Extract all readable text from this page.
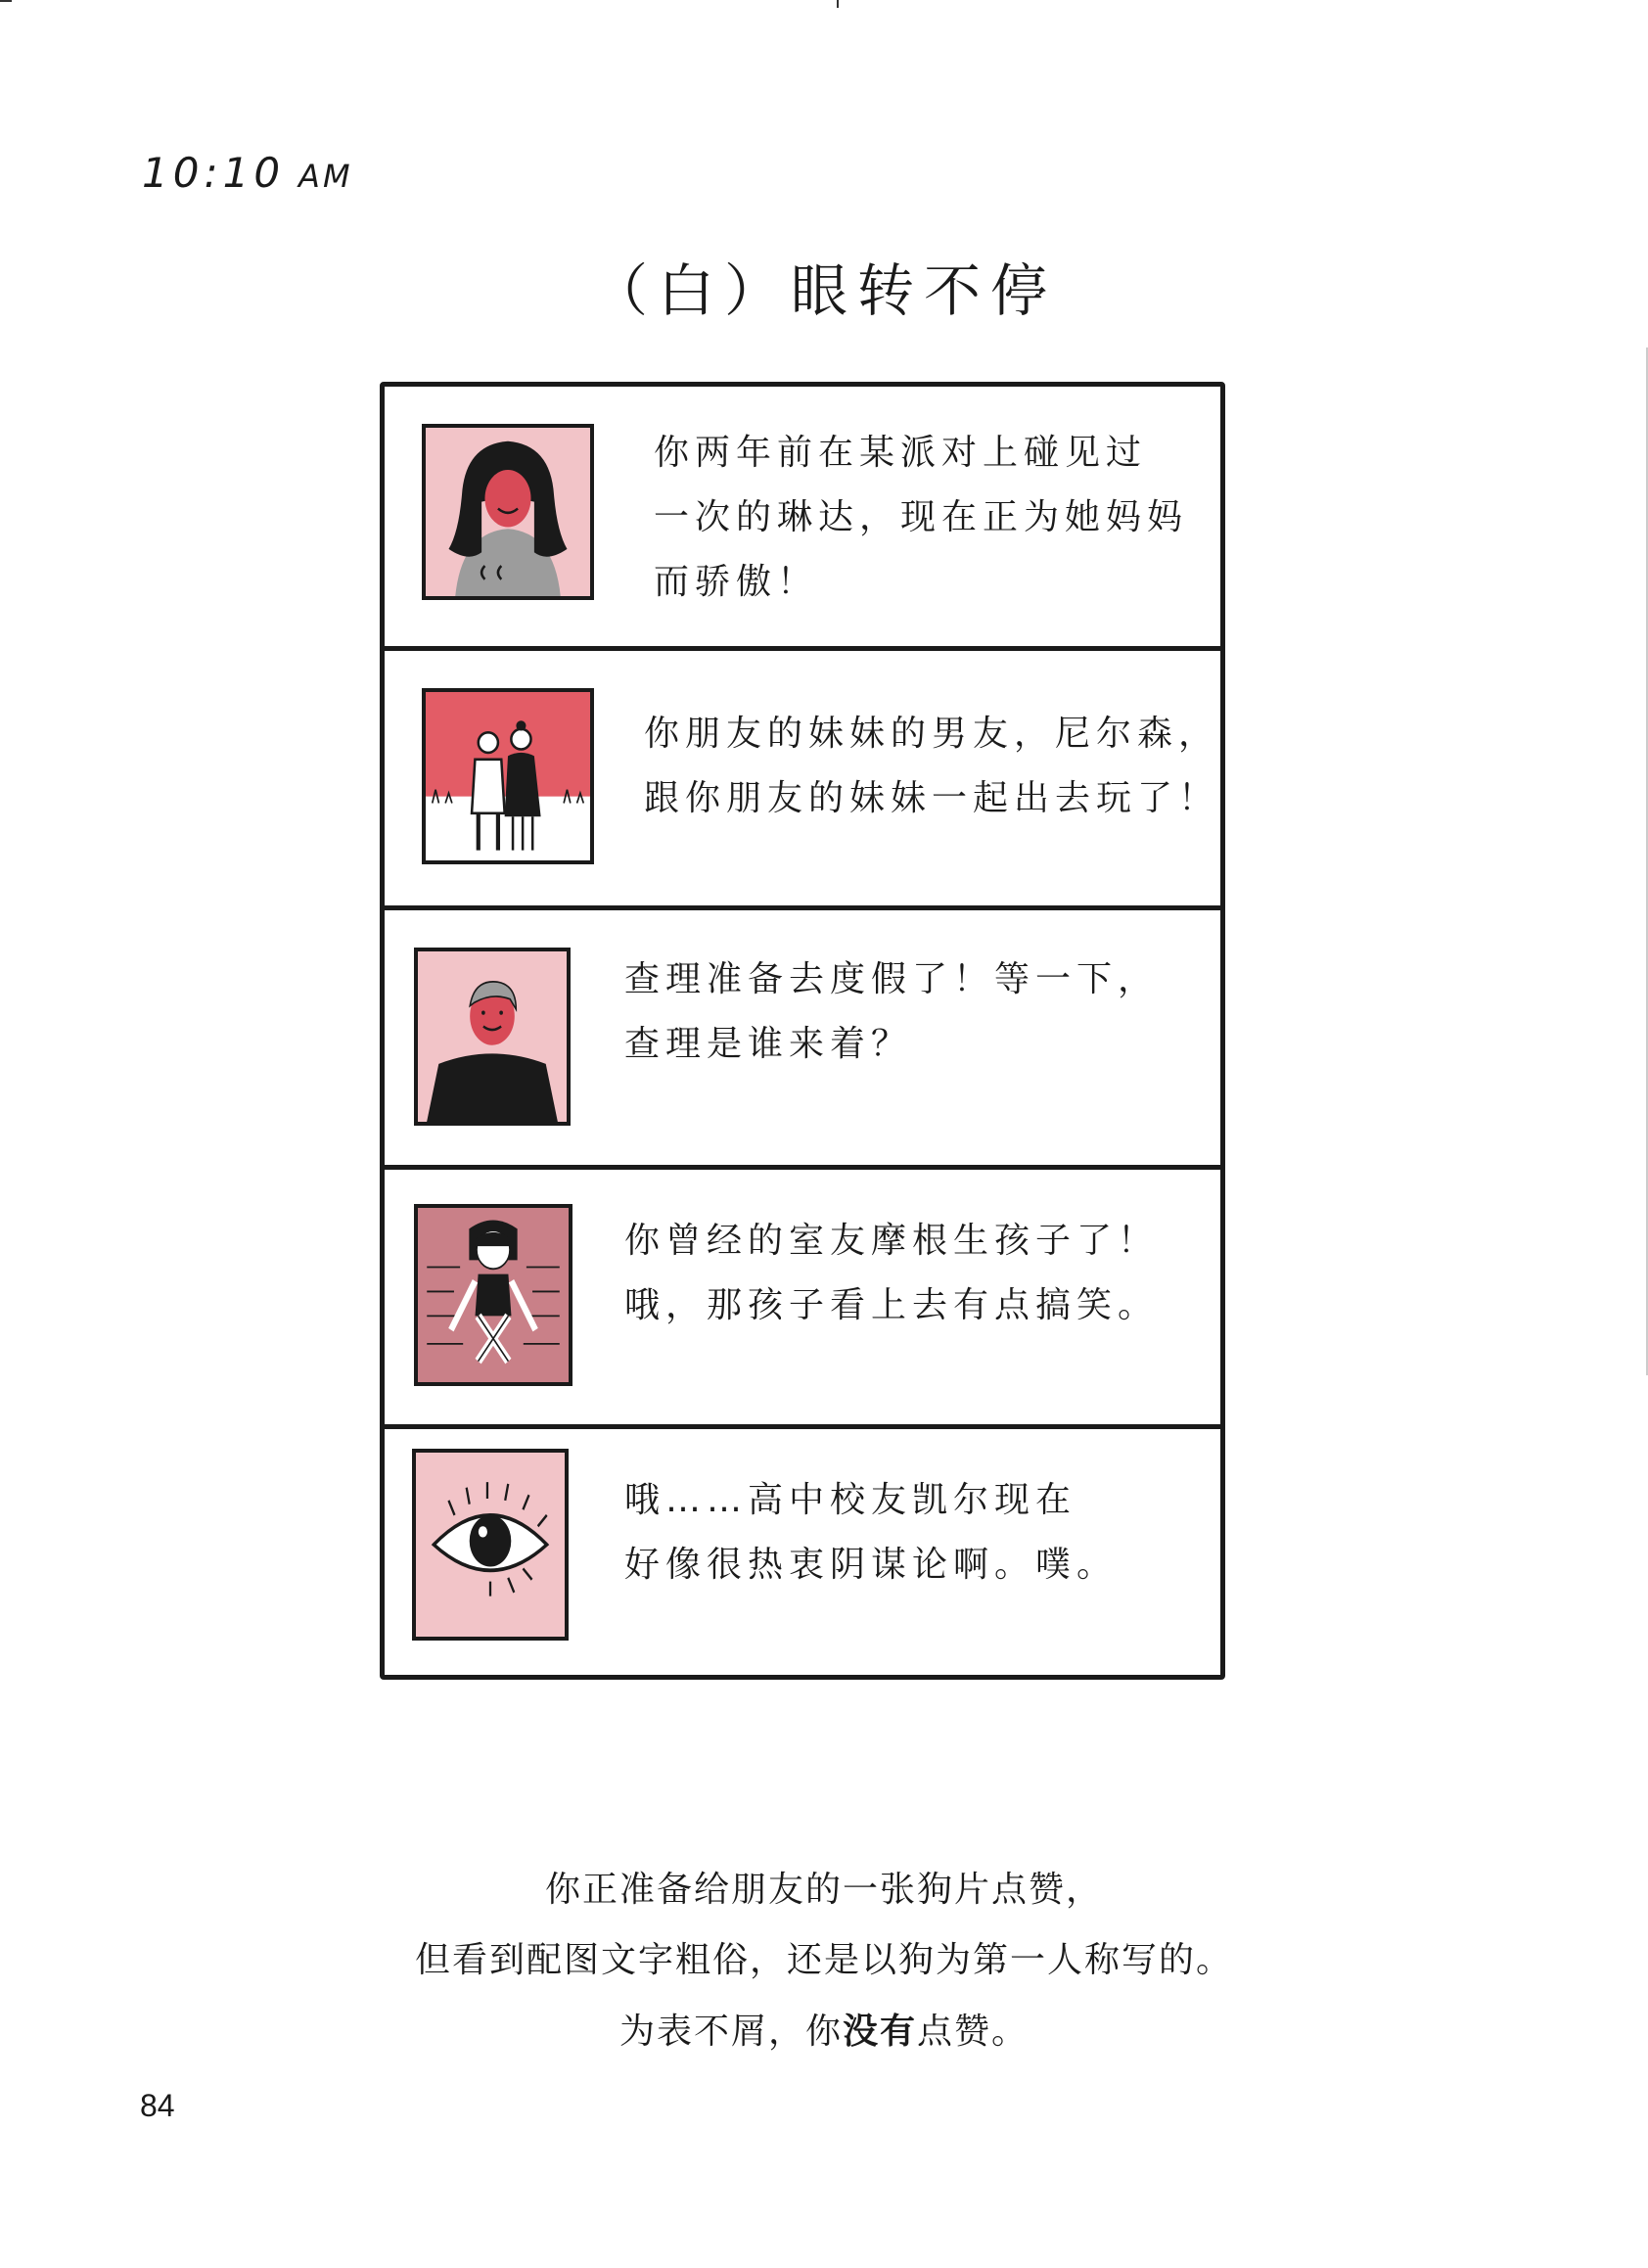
10:10 AM
（白）眼转不停
你两年前在某派对上碰见过
一次的琳达，现在正为她妈妈
而骄傲！
你朋友的妹妹的男友，尼尔森，
跟你朋友的妹妹一起出去玩了！
查理准备去度假了！等一下，
查理是谁来着？
你曾经的室友摩根生孩子了！
哦，那孩子看上去有点搞笑。
哦……高中校友凯尔现在
好像很热衷阴谋论啊。噗。
你正准备给朋友的一张狗片点赞，
但看到配图文字粗俗，还是以狗为第一人称写的。
为表不屑，你没有点赞。
84
